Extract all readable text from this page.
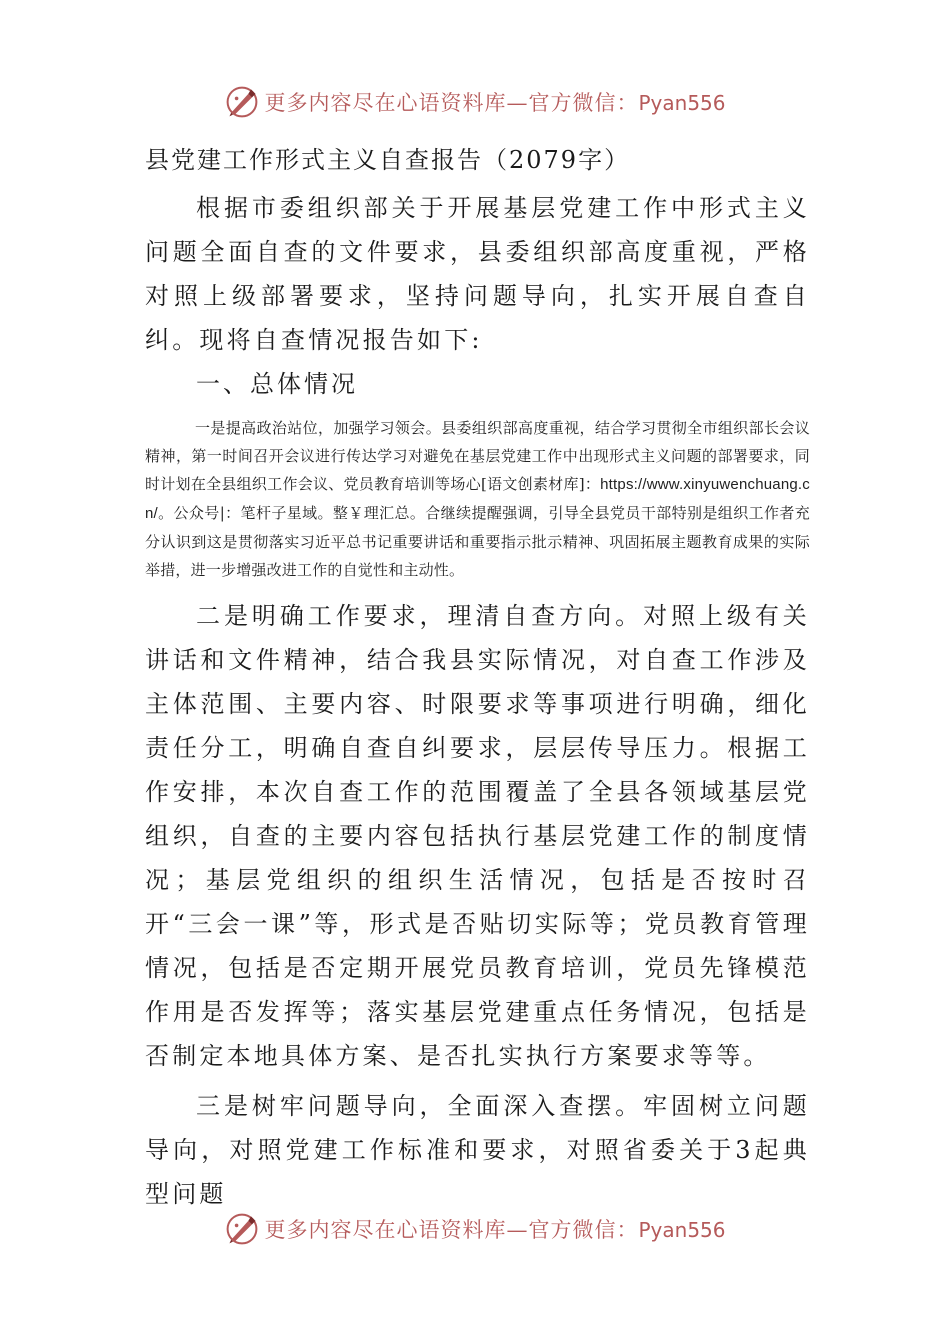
更多内容尽在心语资料库—官方微信：Pyan556
县党建工作形式主义自查报告（2079字）

根据市委组织部关于开展基层党建工作中形式主义问题全面自查的文件要求，县委组织部高度重视，严格对照上级部署要求，坚持问题导向，扎实开展自查自纠。现将自查情况报告如下:

一、总体情况

一是提高政治站位，加强学习领会。县委组织部高度重视，结合学习贯彻全市组织部长会议精神，第一时间召开会议进行传达学习对避免在基层党建工作中出现形式主义问题的部署要求，同时计划在全县组织工作会议、党员教育培训等场心[语文创素材库]：https://www.xinyuwenchuang.cn/。公众号|：笔杆子星域。整￥理汇总。合继续提醒强调，引导全县党员干部特别是组织工作者充分认识到这是贯彻落实习近平总书记重要讲话和重要指示批示精神、巩固拓展主题教育成果的实际举措，进一步增强改进工作的自觉性和主动性。

二是明确工作要求，理清自查方向。对照上级有关讲话和文件精神，结合我县实际情况，对自查工作涉及主体范围、主要内容、时限要求等事项进行明确，细化责任分工，明确自查自纠要求，层层传导压力。根据工作安排，本次自查工作的范围覆盖了全县各领域基层党组织，自查的主要内容包括执行基层党建工作的制度情况；基层党组织的组织生活情况，包括是否按时召开“三会一课”等，形式是否贴切实际等；党员教育管理情况，包括是否定期开展党员教育培训，党员先锋模范作用是否发挥等；落实基层党建重点任务情况，包括是否制定本地具体方案、是否扎实执行方案要求等等。

三是树牢问题导向，全面深入查摆。牢固树立问题导向，对照党建工作标准和要求，对照省委关于3起典型问题

更多内容尽在心语资料库—官方微信：Pyan556
